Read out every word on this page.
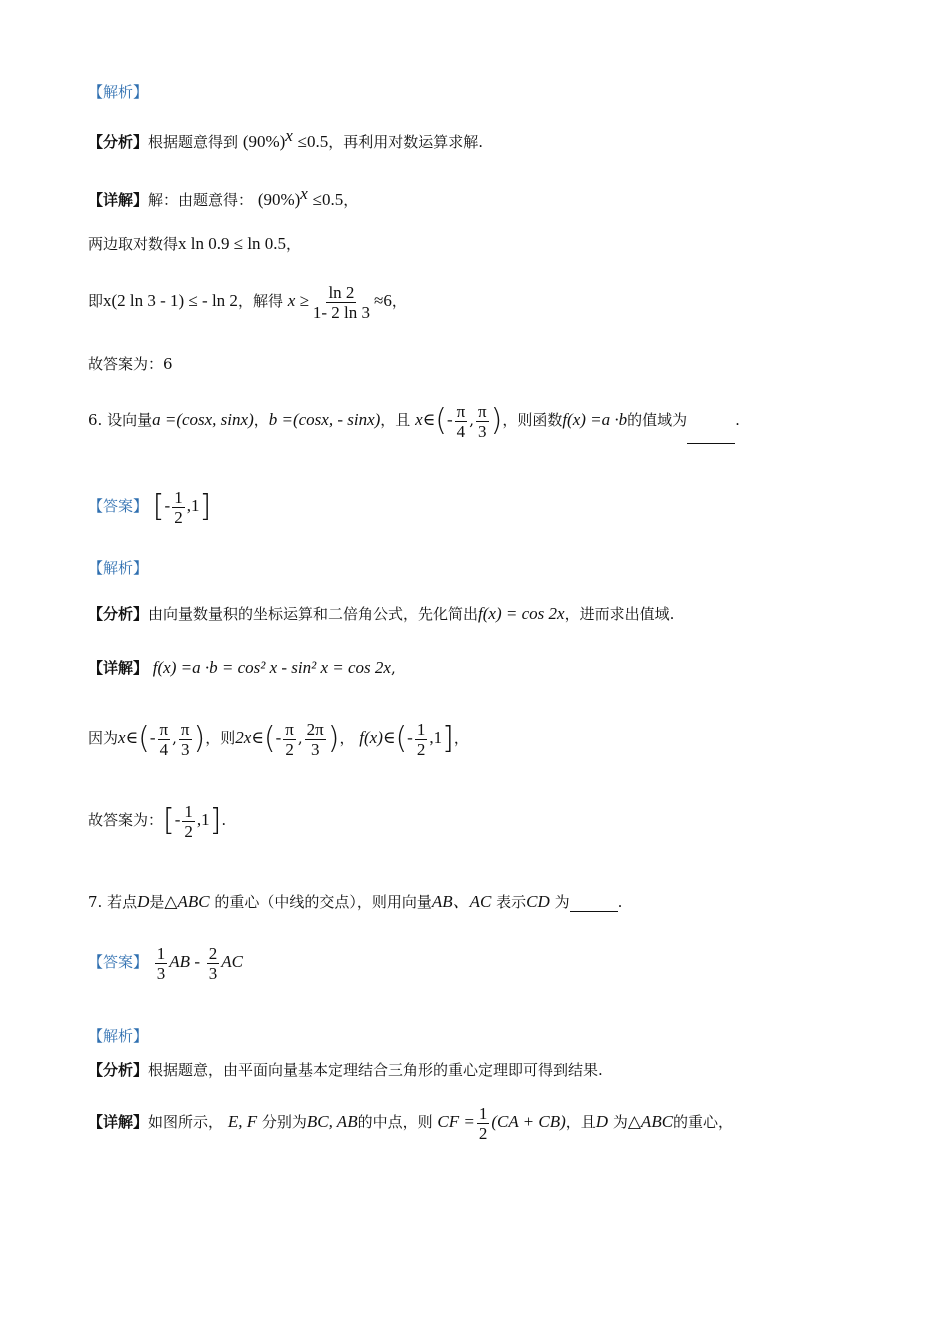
【解析】
【分析】根据题意得到 $(90\%)^x \le 0.5$，再利用对数运算求解.
【详解】解：由题意得： $(90\%)^x \le 0.5$，
两边取对数得x ln 0.9 ≤ ln 0.5，
即x(2 ln 3 - 1) ≤ - ln 2，解得 $x \ge \frac{\ln 2}{1- 2 \ln 3} \approx 6$，
故答案为：6
6. 设向量a =(cosx, sinx)，b =(cosx, - sinx)，且 x∈(- $\frac{\pi}{4}$ , $\frac{\pi}{3}$ )，则函数f(x) =a ·b的值域为	.
【答案】 [- $\frac{1}{2} ,1$]
【解析】
【分析】由向量数量积的坐标运算和二倍角公式，先化简出f(x) = cos 2x，进而求出值域.
【详解】 f(x) =a ·b = cos² x - sin² x = cos 2x,
因为x∈(- $\frac{\pi}{4}$ , $\frac{\pi}{3}$ )，则2x∈(- $\frac{\pi}{2}$ , $\frac{2\pi}{3}$ )， f(x)∈(- $\frac{1}{2} ,1$]，
故答案为：[- $\frac{1}{2} ,1$].
7. 若点D是△ABC 的重心（中线的交点），则用向量AB、AC 表示CD 为	.
【答案】 $\frac{1}{3}$ AB - $\frac{2}{3}$ AC
【解析】
【分析】根据题意，由平面向量基本定理结合三角形的重心定理即可得到结果.
【详解】如图所示， E, F 分别为BC, AB的中点，则 CF = $\frac{1}{2} (CA + CB)$，且D 为△ABC的重心，
